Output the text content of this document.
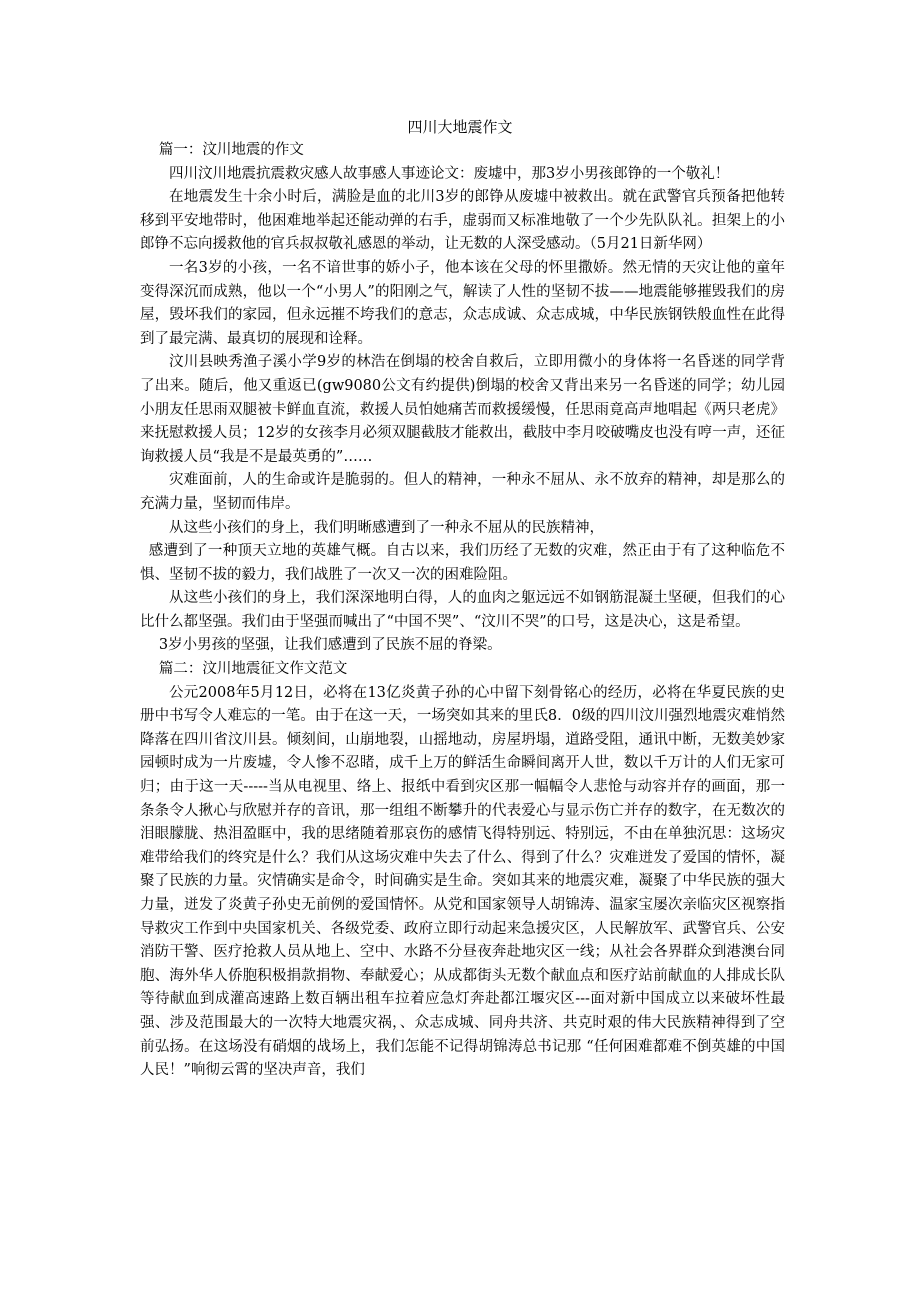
四川大地震作文

篇一：汶川地震的作文

四川汶川地震抗震救灾感人故事感人事迹论文：废墟中，那3岁小男孩郎铮的一个敬礼！

在地震发生十余小时后，满脸是血的北川3岁的郎铮从废墟中被救出。就在武警官兵预备把他转移到平安地带时，他困难地举起还能动弹的右手，虚弱而又标准地敬了一个少先队队礼。担架上的小郎铮不忘向援救他的官兵叔叔敬礼感恩的举动，让无数的人深受感动。（5月21日新华网）

一名3岁的小孩，一名不谙世事的娇小子，他本该在父母的怀里撒娇。然无情的天灾让他的童年变得深沉而成熟，他以一个“小男人”的阳刚之气，解读了人性的坚韧不拔——地震能够摧毁我们的房屋，毁坏我们的家园，但永远摧不垮我们的意志，众志成诚、众志成城，中华民族钢铁般血性在此得到了最完满、最真切的展现和诠释。

汶川县映秀渔子溪小学9岁的林浩在倒塌的校舍自救后，立即用微小的身体将一名昏迷的同学背了出来。随后，他又重返已(gw9080公文有约提供)倒塌的校舍又背出来另一名昏迷的同学；幼儿园小朋友任思雨双腿被卡鲜血直流，救援人员怕她痛苦而救援缓慢，任思雨竟高声地唱起《两只老虎》来抚慰救援人员；12岁的女孩李月必须双腿截肢才能救出，截肢中李月咬破嘴皮也没有哼一声，还征询救援人员“我是不是最英勇的”……

灾难面前，人的生命或许是脆弱的。但人的精神，一种永不屈从、永不放弃的精神，却是那么的充满力量，坚韧而伟岸。

从这些小孩们的身上，我们明晰感遭到了一种永不屈从的民族精神，

感遭到了一种顶天立地的英雄气概。自古以来，我们历经了无数的灾难，然正由于有了这种临危不惧、坚韧不拔的毅力，我们战胜了一次又一次的困难险阻。

从这些小孩们的身上，我们深深地明白得，人的血肉之躯远远不如钢筋混凝土坚硬，但我们的心比什么都坚强。我们由于坚强而喊出了“中国不哭”、“汶川不哭”的口号，这是决心，这是希望。

3岁小男孩的坚强，让我们感遭到了民族不屈的脊梁。

篇二：汶川地震征文作文范文

公元2008年5月12日，必将在13亿炎黄子孙的心中留下刻骨铭心的经历，必将在华夏民族的史册中书写令人难忘的一笔。由于在这一天，一场突如其来的里氏8．0级的四川汶川强烈地震灾难悄然降落在四川省汶川县。倾刻间，山崩地裂，山摇地动，房屋坍塌，道路受阻，通讯中断，无数美妙家园顿时成为一片废墟，令人惨不忍睹，成千上万的鲜活生命瞬间离开人世，数以千万计的人们无家可归；由于这一天-----当从电视里、络上、报纸中看到灾区那一幅幅令人悲怆与动容并存的画面，那一条条令人揪心与欣慰并存的音讯，那一组组不断攀升的代表爱心与显示伤亡并存的数字，在无数次的泪眼朦胧、热泪盈眶中，我的思绪随着那哀伤的感情飞得特别远、特别远，不由在单独沉思：这场灾难带给我们的终究是什么？我们从这场灾难中失去了什么、得到了什么？灾难迸发了爱国的情怀，凝聚了民族的力量。灾情确实是命令，时间确实是生命。突如其来的地震灾难，凝聚了中华民族的强大力量，迸发了炎黄子孙史无前例的爱国情怀。从党和国家领导人胡锦涛、温家宝屡次亲临灾区视察指导救灾工作到中央国家机关、各级党委、政府立即行动起来急援灾区，人民解放军、武警官兵、公安消防干警、医疗抢救人员从地上、空中、水路不分昼夜奔赴地灾区一线；从社会各界群众到港澳台同胞、海外华人侨胞积极捐款捐物、奉献爱心；从成都街头无数个献血点和医疗站前献血的人排成长队等待献血到成灌高速路上数百辆出租车拉着应急灯奔赴都江堰灾区---面对新中国成立以来破坏性最强、涉及范围最大的一次特大地震灾祸，、众志成城、同舟共济、共克时艰的伟大民族精神得到了空前弘扬。在这场没有硝烟的战场上，我们怎能不记得胡锦涛总书记那 “任何困难都难不倒英雄的中国人民！”响彻云霄的坚决声音，我们
